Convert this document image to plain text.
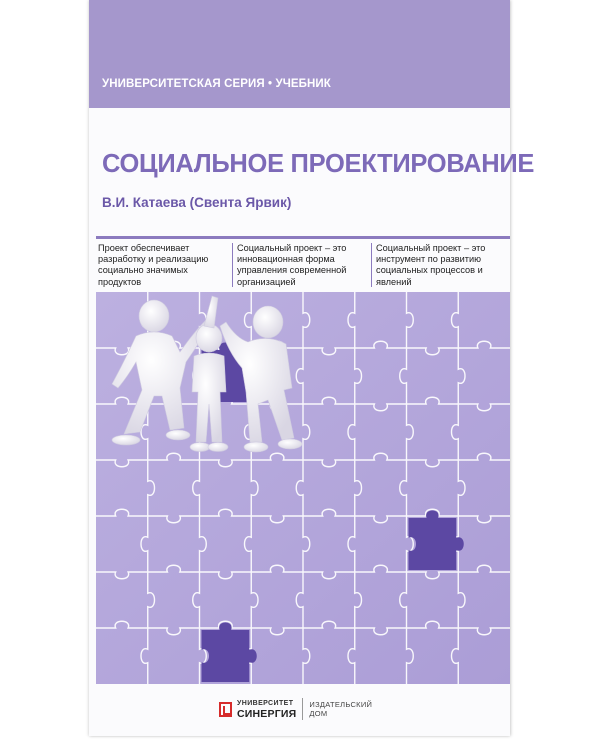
УНИВЕРСИТЕТСКАЯ СЕРИЯ • УЧЕБНИК
СОЦИАЛЬНОЕ ПРОЕКТИРОВАНИЕ
В.И. Катаева (Свента Ярвик)
Проект обеспечивает разработку и реализацию социально значимых продуктов
Социальный проект – это инновационная форма управления современной организацией
Социальный проект – это инструмент по развитию социальных процессов и явлений
УНИВЕРСИТЕТ
СИНЕРГИЯ
ИЗДАТЕЛЬСКИЙ
ДОМ
